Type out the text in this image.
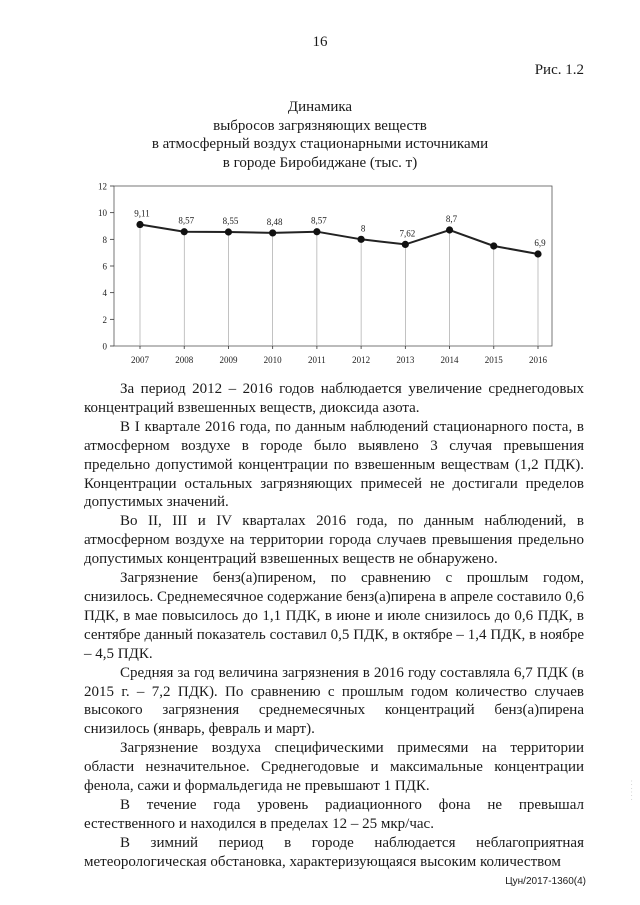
16
Рис. 1.2
Динамика
выбросов загрязняющих веществ
в атмосферный воздух стационарными источниками
в городе Биробиджане (тыс. т)
0
2
4
6
8
10
12
2007	2008	2009	2010	2011	2012	2013	2014	2015	2016
9,11
8,57	8,55	8,48	8,57
8
7,62
8,7
6,9

За период 2012 – 2016 годов наблюдается увеличение среднегодовых концентраций взвешенных веществ, диоксида азота.

В I квартале 2016 года, по данным наблюдений стационарного поста, в атмосферном воздухе в городе было выявлено 3 случая превышения предельно допустимой концентрации по взвешенным веществам (1,2 ПДК). Концентрации остальных загрязняющих примесей не достигали пределов допустимых значений.

Во II, III и IV кварталах 2016 года, по данным наблюдений, в атмосферном воздухе на территории города случаев превышения предельно допустимых концентраций взвешенных веществ не обнаружено.

Загрязнение бенз(а)пиреном, по сравнению с прошлым годом, снизилось. Среднемесячное содержание бенз(а)пирена в апреле составило 0,6 ПДК, в мае повысилось до 1,1 ПДК, в июне и июле снизилось до 0,6 ПДК, в сентябре данный показатель составил 0,5 ПДК, в октябре – 1,4 ПДК, в ноябре – 4,5 ПДК.

Средняя за год величина загрязнения в 2016 году составляла 6,7 ПДК (в 2015 г. – 7,2 ПДК). По сравнению с прошлым годом количество случаев высокого загрязнения среднемесячных концентраций бенз(а)пирена снизилось (январь, февраль и март).

Загрязнение воздуха специфическими примесями на территории области незначительное. Среднегодовые и максимальные концентрации фенола, сажи и формальдегида не превышают 1 ПДК.

В течение года уровень радиационного фона не превышал естественного и находился в пределах 12 – 25 мкр/час.

В зимний период в городе наблюдается неблагоприятная метеорологическая обстановка, характеризующаяся высоким количеством

Цун/2017-1360(4)
· · · · · ·
